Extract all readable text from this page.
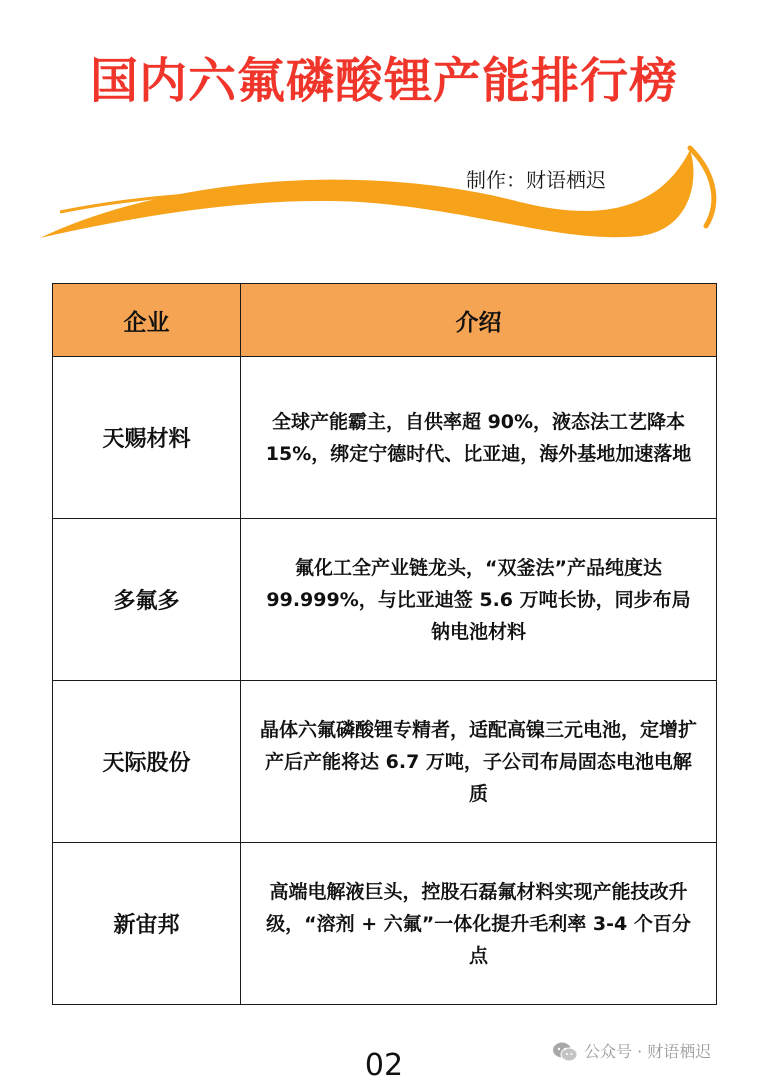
国内六氟磷酸锂产能排行榜
制作：财语栖迟
企业	介绍
天赐材料	全球产能霸主，自供率超 90%，液态法工艺降本 15%，绑定宁德时代、比亚迪，海外基地加速落地
多氟多	氟化工全产业链龙头，“双釜法”产品纯度达 99.999%，与比亚迪签 5.6 万吨长协，同步布局钠电池材料
天际股份	晶体六氟磷酸锂专精者，适配高镍三元电池，定增扩产后产能将达 6.7 万吨，子公司布局固态电池电解质
新宙邦	高端电解液巨头，控股石磊氟材料实现产能技改升级，“溶剂 + 六氟”一体化提升毛利率 3-4 个百分点
02	公众号 · 财语栖迟
